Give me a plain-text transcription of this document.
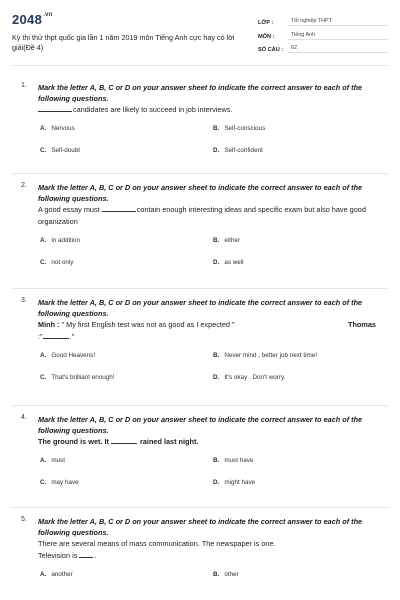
$2048^{.vn}$
Kỳ thi thử thpt quốc gia lần 1 năm 2019 môn Tiếng Anh cực hay có lời giải(Đề 4)
LỚP :	Tốt nghiệp THPT
MÔN :	Tiếng Anh
SỐ CÂU :	62
1. Mark the letter A, B, C or D on your answer sheet to indicate the correct answer to each of the following questions.
candidates are likely to succeed in job interviews.
A. Nervous	B. Self-conscious
C. Self-doubt	D. Self-confident
2. Mark the letter A, B, C or D on your answer sheet to indicate the correct answer to each of the following questions.
A good essay must	contain enough interesting ideas and specific exam but also have good organization
A. in addition	B. either
C. not only	D. as well
3. Mark the letter A, B, C or D on your answer sheet to indicate the correct answer to each of the following questions.
Minh : " My first English test was not as good as I expected "	Thomas
:"	."
A. Good Heavens!	B. Never mind , better job next time!
C. That's brilliant enough!	D. It's okay . Don't worry.
4. Mark the letter A, B, C or D on your answer sheet to indicate the correct answer to each of the following questions.
The ground is wet. It	rained last night.
A. must	B. must have
C. may have	D. might have
5. Mark the letter A, B, C or D on your answer sheet to indicate the correct answer to each of the following questions.
There are several means of mass communication. The newspaper is one.
Television is .
A. another	B. other
